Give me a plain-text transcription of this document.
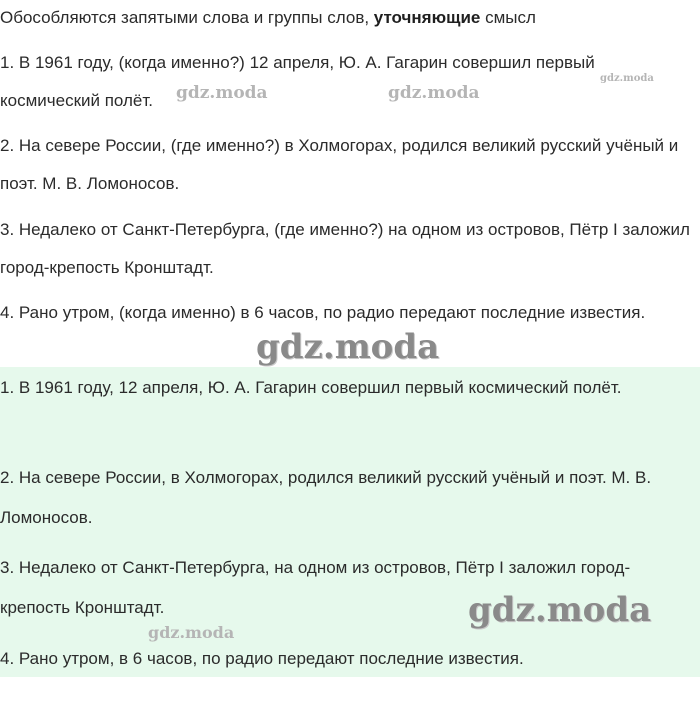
Обособляются запятыми слова и группы слов, уточняющие смысл
1. В 1961 году, (когда именно?) 12 апреля, Ю. А. Гагарин совершил первый космический полёт.
2. На севере России, (где именно?) в Холмогорах, родился великий русский учёный и поэт. М. В. Ломоносов.
3. Недалеко от Санкт-Петербурга, (где именно?) на одном из островов, Пётр I заложил город-крепость Кронштадт.
4. Рано утром, (когда именно) в 6 часов, по радио передают последние известия.
1. В 1961 году, 12 апреля, Ю. А. Гагарин совершил первый космический полёт.
2. На севере России, в Холмогорах, родился великий русский учёный и поэт. М. В. Ломоносов.
3. Недалеко от Санкт-Петербурга, на одном из островов, Пётр I заложил город-крепость Кронштадт.
4. Рано утром, в 6 часов, по радио передают последние известия.
gdz.moda	gdz.moda
gdz.moda
gdz.moda
gdz.moda
gdz.moda
